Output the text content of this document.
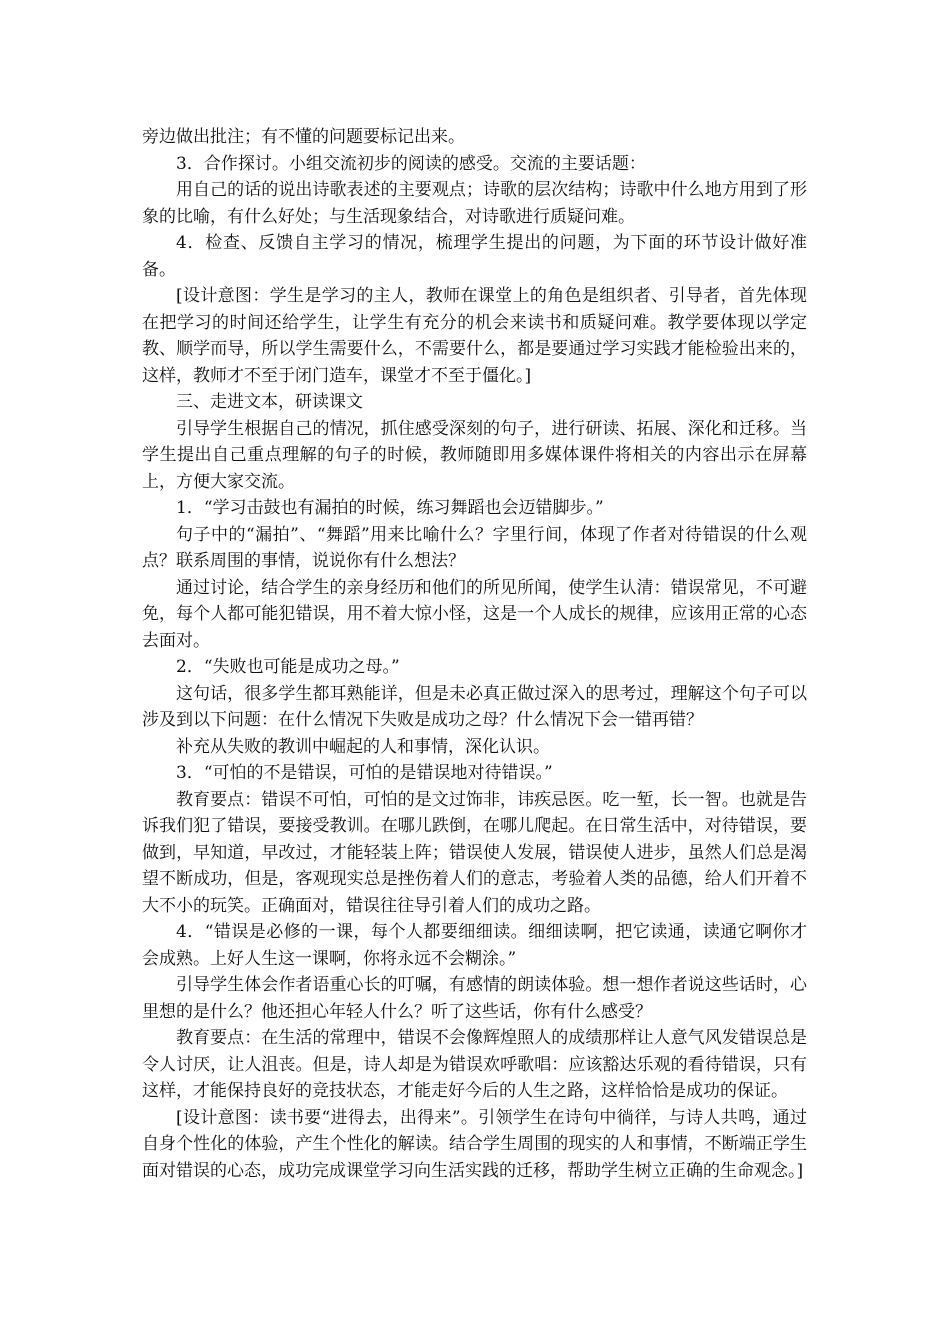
旁边做出批注；有不懂的问题要标记出来。

3．合作探讨。小组交流初步的阅读的感受。交流的主要话题：

用自己的话的说出诗歌表述的主要观点；诗歌的层次结构；诗歌中什么地方用到了形象的比喻，有什么好处；与生活现象结合，对诗歌进行质疑问难。

4．检查、反馈自主学习的情况，梳理学生提出的问题，为下面的环节设计做好准备。

[设计意图：学生是学习的主人，教师在课堂上的角色是组织者、引导者，首先体现在把学习的时间还给学生，让学生有充分的机会来读书和质疑问难。教学要体现以学定教、顺学而导，所以学生需要什么，不需要什么，都是要通过学习实践才能检验出来的，这样，教师才不至于闭门造车，课堂才不至于僵化。]

三、走进文本，研读课文

引导学生根据自己的情况，抓住感受深刻的句子，进行研读、拓展、深化和迁移。当学生提出自己重点理解的句子的时候，教师随即用多媒体课件将相关的内容出示在屏幕上，方便大家交流。

1．“学习击鼓也有漏拍的时候，练习舞蹈也会迈错脚步。”

句子中的“漏拍”、“舞蹈”用来比喻什么？字里行间，体现了作者对待错误的什么观点？联系周围的事情，说说你有什么想法？

通过讨论，结合学生的亲身经历和他们的所见所闻，使学生认清：错误常见，不可避免，每个人都可能犯错误，用不着大惊小怪，这是一个人成长的规律，应该用正常的心态去面对。

2．“失败也可能是成功之母。”

这句话，很多学生都耳熟能详，但是未必真正做过深入的思考过，理解这个句子可以涉及到以下问题：在什么情况下失败是成功之母？什么情况下会一错再错？

补充从失败的教训中崛起的人和事情，深化认识。

3．“可怕的不是错误，可怕的是错误地对待错误。”

教育要点：错误不可怕，可怕的是文过饰非，讳疾忌医。吃一堑，长一智。也就是告诉我们犯了错误，要接受教训。在哪儿跌倒，在哪儿爬起。在日常生活中，对待错误，要做到，早知道，早改过，才能轻装上阵；错误使人发展，错误使人进步，虽然人们总是渴望不断成功，但是，客观现实总是挫伤着人们的意志，考验着人类的品德，给人们开着不大不小的玩笑。正确面对，错误往往导引着人们的成功之路。

4．“错误是必修的一课，每个人都要细细读。细细读啊，把它读通，读通它啊你才会成熟。上好人生这一课啊，你将永远不会糊涂。”

引导学生体会作者语重心长的叮嘱，有感情的朗读体验。想一想作者说这些话时，心里想的是什么？他还担心年轻人什么？听了这些话，你有什么感受？

教育要点：在生活的常理中，错误不会像辉煌照人的成绩那样让人意气风发错误总是令人讨厌，让人沮丧。但是，诗人却是为错误欢呼歌唱：应该豁达乐观的看待错误，只有这样，才能保持良好的竞技状态，才能走好今后的人生之路，这样恰恰是成功的保证。

[设计意图：读书要“进得去，出得来”。引领学生在诗句中徜徉，与诗人共鸣，通过自身个性化的体验，产生个性化的解读。结合学生周围的现实的人和事情，不断端正学生面对错误的心态，成功完成课堂学习向生活实践的迁移，帮助学生树立正确的生命观念。]
